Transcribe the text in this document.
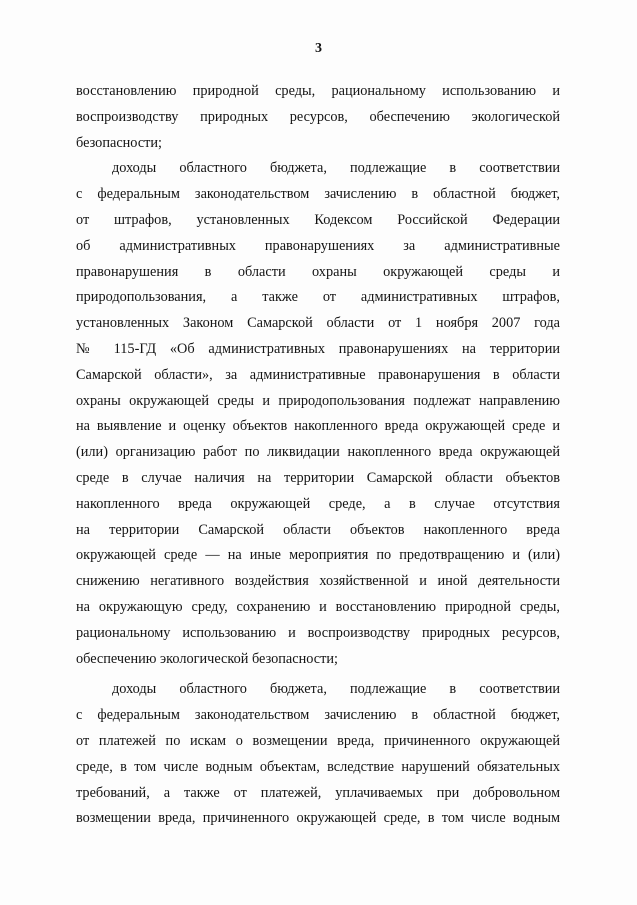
3
восстановлению природной среды, рациональному использованию и
воспроизводству природных ресурсов, обеспечению экологической
безопасности;
доходы областного бюджета, подлежащие в соответствии
с федеральным законодательством зачислению в областной бюджет,
от штрафов, установленных Кодексом Российской Федерации
об административных правонарушениях за административные
правонарушения в области охраны окружающей среды и
природопользования, а также от административных штрафов,
установленных Законом Самарской области от 1 ноября 2007 года
№ 115-ГД «Об административных правонарушениях на территории
Самарской области», за административные правонарушения в области
охраны окружающей среды и природопользования подлежат направлению
на выявление и оценку объектов накопленного вреда окружающей среде и
(или) организацию работ по ликвидации накопленного вреда окружающей
среде в случае наличия на территории Самарской области объектов
накопленного вреда окружающей среде, а в случае отсутствия
на территории Самарской области объектов накопленного вреда
окружающей среде — на иные мероприятия по предотвращению и (или)
снижению негативного воздействия хозяйственной и иной деятельности
на окружающую среду, сохранению и восстановлению природной среды,
рациональному использованию и воспроизводству природных ресурсов,
обеспечению экологической безопасности;
доходы областного бюджета, подлежащие в соответствии
с федеральным законодательством зачислению в областной бюджет,
от платежей по искам о возмещении вреда, причиненного окружающей
среде, в том числе водным объектам, вследствие нарушений обязательных
требований, а также от платежей, уплачиваемых при добровольном
возмещении вреда, причиненного окружающей среде, в том числе водным
